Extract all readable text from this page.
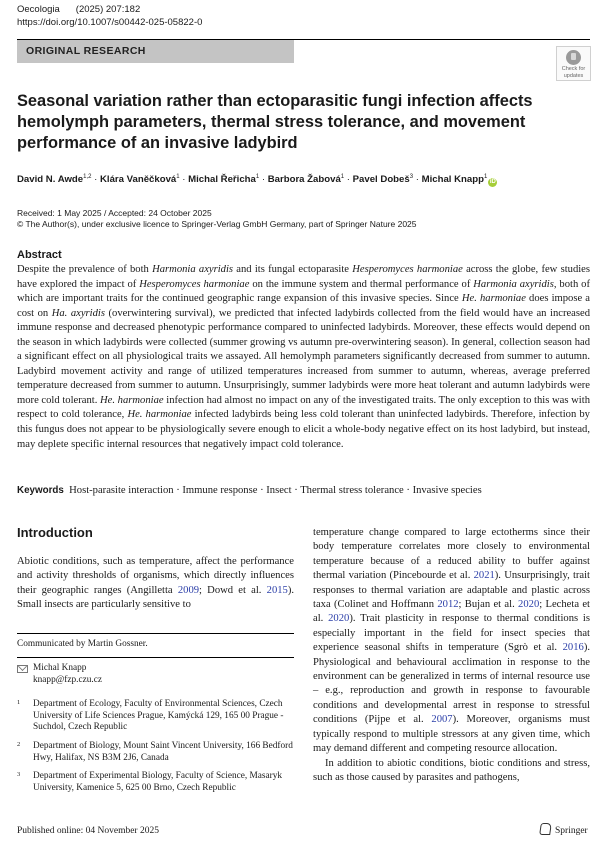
Oecologia (2025) 207:182
https://doi.org/10.1007/s00442-025-05822-0
ORIGINAL RESEARCH
Check for
updates
Seasonal variation rather than ectoparasitic fungi infection affects hemolymph parameters, thermal stress tolerance, and movement performance of an invasive ladybird
David N. Awde$^{1,2}$ · Klára Vaněčková$^1$ · Michal Řeřicha$^1$ · Barbora Žabová$^1$ · Pavel Dobeš$^3$ · Michal Knapp$^1$iD
Received: 1 May 2025 / Accepted: 24 October 2025
© The Author(s), under exclusive licence to Springer-Verlag GmbH Germany, part of Springer Nature 2025
Abstract
Despite the prevalence of both Harmonia axyridis and its fungal ectoparasite Hesperomyces harmoniae across the globe, few studies have explored the impact of Hesperomyces harmoniae on the immune system and thermal performance of Harmonia axyridis, both of which are important traits for the continued geographic range expansion of this invasive species. Since He. harmoniae does impose a cost on Ha. axyridis (overwintering survival), we predicted that infected ladybirds collected from the field would have an increased immune response and decreased phenotypic performance compared to uninfected ladybirds. Moreover, these effects would depend on the season in which ladybirds were collected (summer growing vs autumn pre-overwintering season). In general, collection season had a significant effect on all physiological traits we assayed. All hemolymph parameters significantly decreased from summer to autumn. Ladybird movement activity and range of utilized temperatures increased from summer to autumn, whereas, average preferred temperature decreased from summer to autumn. Unsurprisingly, summer ladybirds were more heat tolerant and autumn ladybirds were more cold tolerant. He. harmoniae infection had almost no impact on any of the investigated traits. The only exception to this was with respect to cold tolerance, He. harmoniae infected ladybirds being less cold tolerant than uninfected ladybirds. Therefore, infection by this fungus does not appear to be physiologically severe enough to elicit a whole-body negative effect on its host ladybird, but instead, may deplete specific internal resources that negatively impact cold tolerance.
Keywords Host-parasite interaction · Immune response · Insect · Thermal stress tolerance · Invasive species
Introduction
Abiotic conditions, such as temperature, affect the performance and activity thresholds of organisms, which directly influences their geographic ranges (Angilletta 2009; Dowd et al. 2015). Small insects are particularly sensitive to
temperature change compared to large ectotherms since their body temperature correlates more closely to environmental temperature because of a reduced ability to buffer against thermal variation (Pincebourde et al. 2021). Unsurprisingly, trait responses to thermal variation are adaptable and plastic across taxa (Colinet and Hoffmann 2012; Bujan et al. 2020; Lecheta et al. 2020). Trait plasticity in response to thermal conditions is especially important in the field for insect species that experience seasonal shifts in temperature (Sgrò et al. 2016). Physiological and behavioural acclimation in response to the environment can be generalized in terms of internal resource use – e.g., reproduction and growth in response to favourable conditions and developmental arrest in response to stressful conditions (Pijpe et al. 2007). Moreover, organisms must typically respond to multiple stressors at any given time, which may demand different and competing resource allocation.
In addition to abiotic conditions, biotic conditions and stress, such as those caused by parasites and pathogens,
Communicated by Martin Gossner.
Michal Knapp
knapp@fzp.czu.cz
1 Department of Ecology, Faculty of Environmental Sciences, Czech University of Life Sciences Prague, Kamýcká 129, 165 00 Prague - Suchdol, Czech Republic
2 Department of Biology, Mount Saint Vincent University, 166 Bedford Hwy, Halifax, NS B3M 2J6, Canada
3 Department of Experimental Biology, Faculty of Science, Masaryk University, Kamenice 5, 625 00 Brno, Czech Republic
Published online: 04 November 2025	Springer
